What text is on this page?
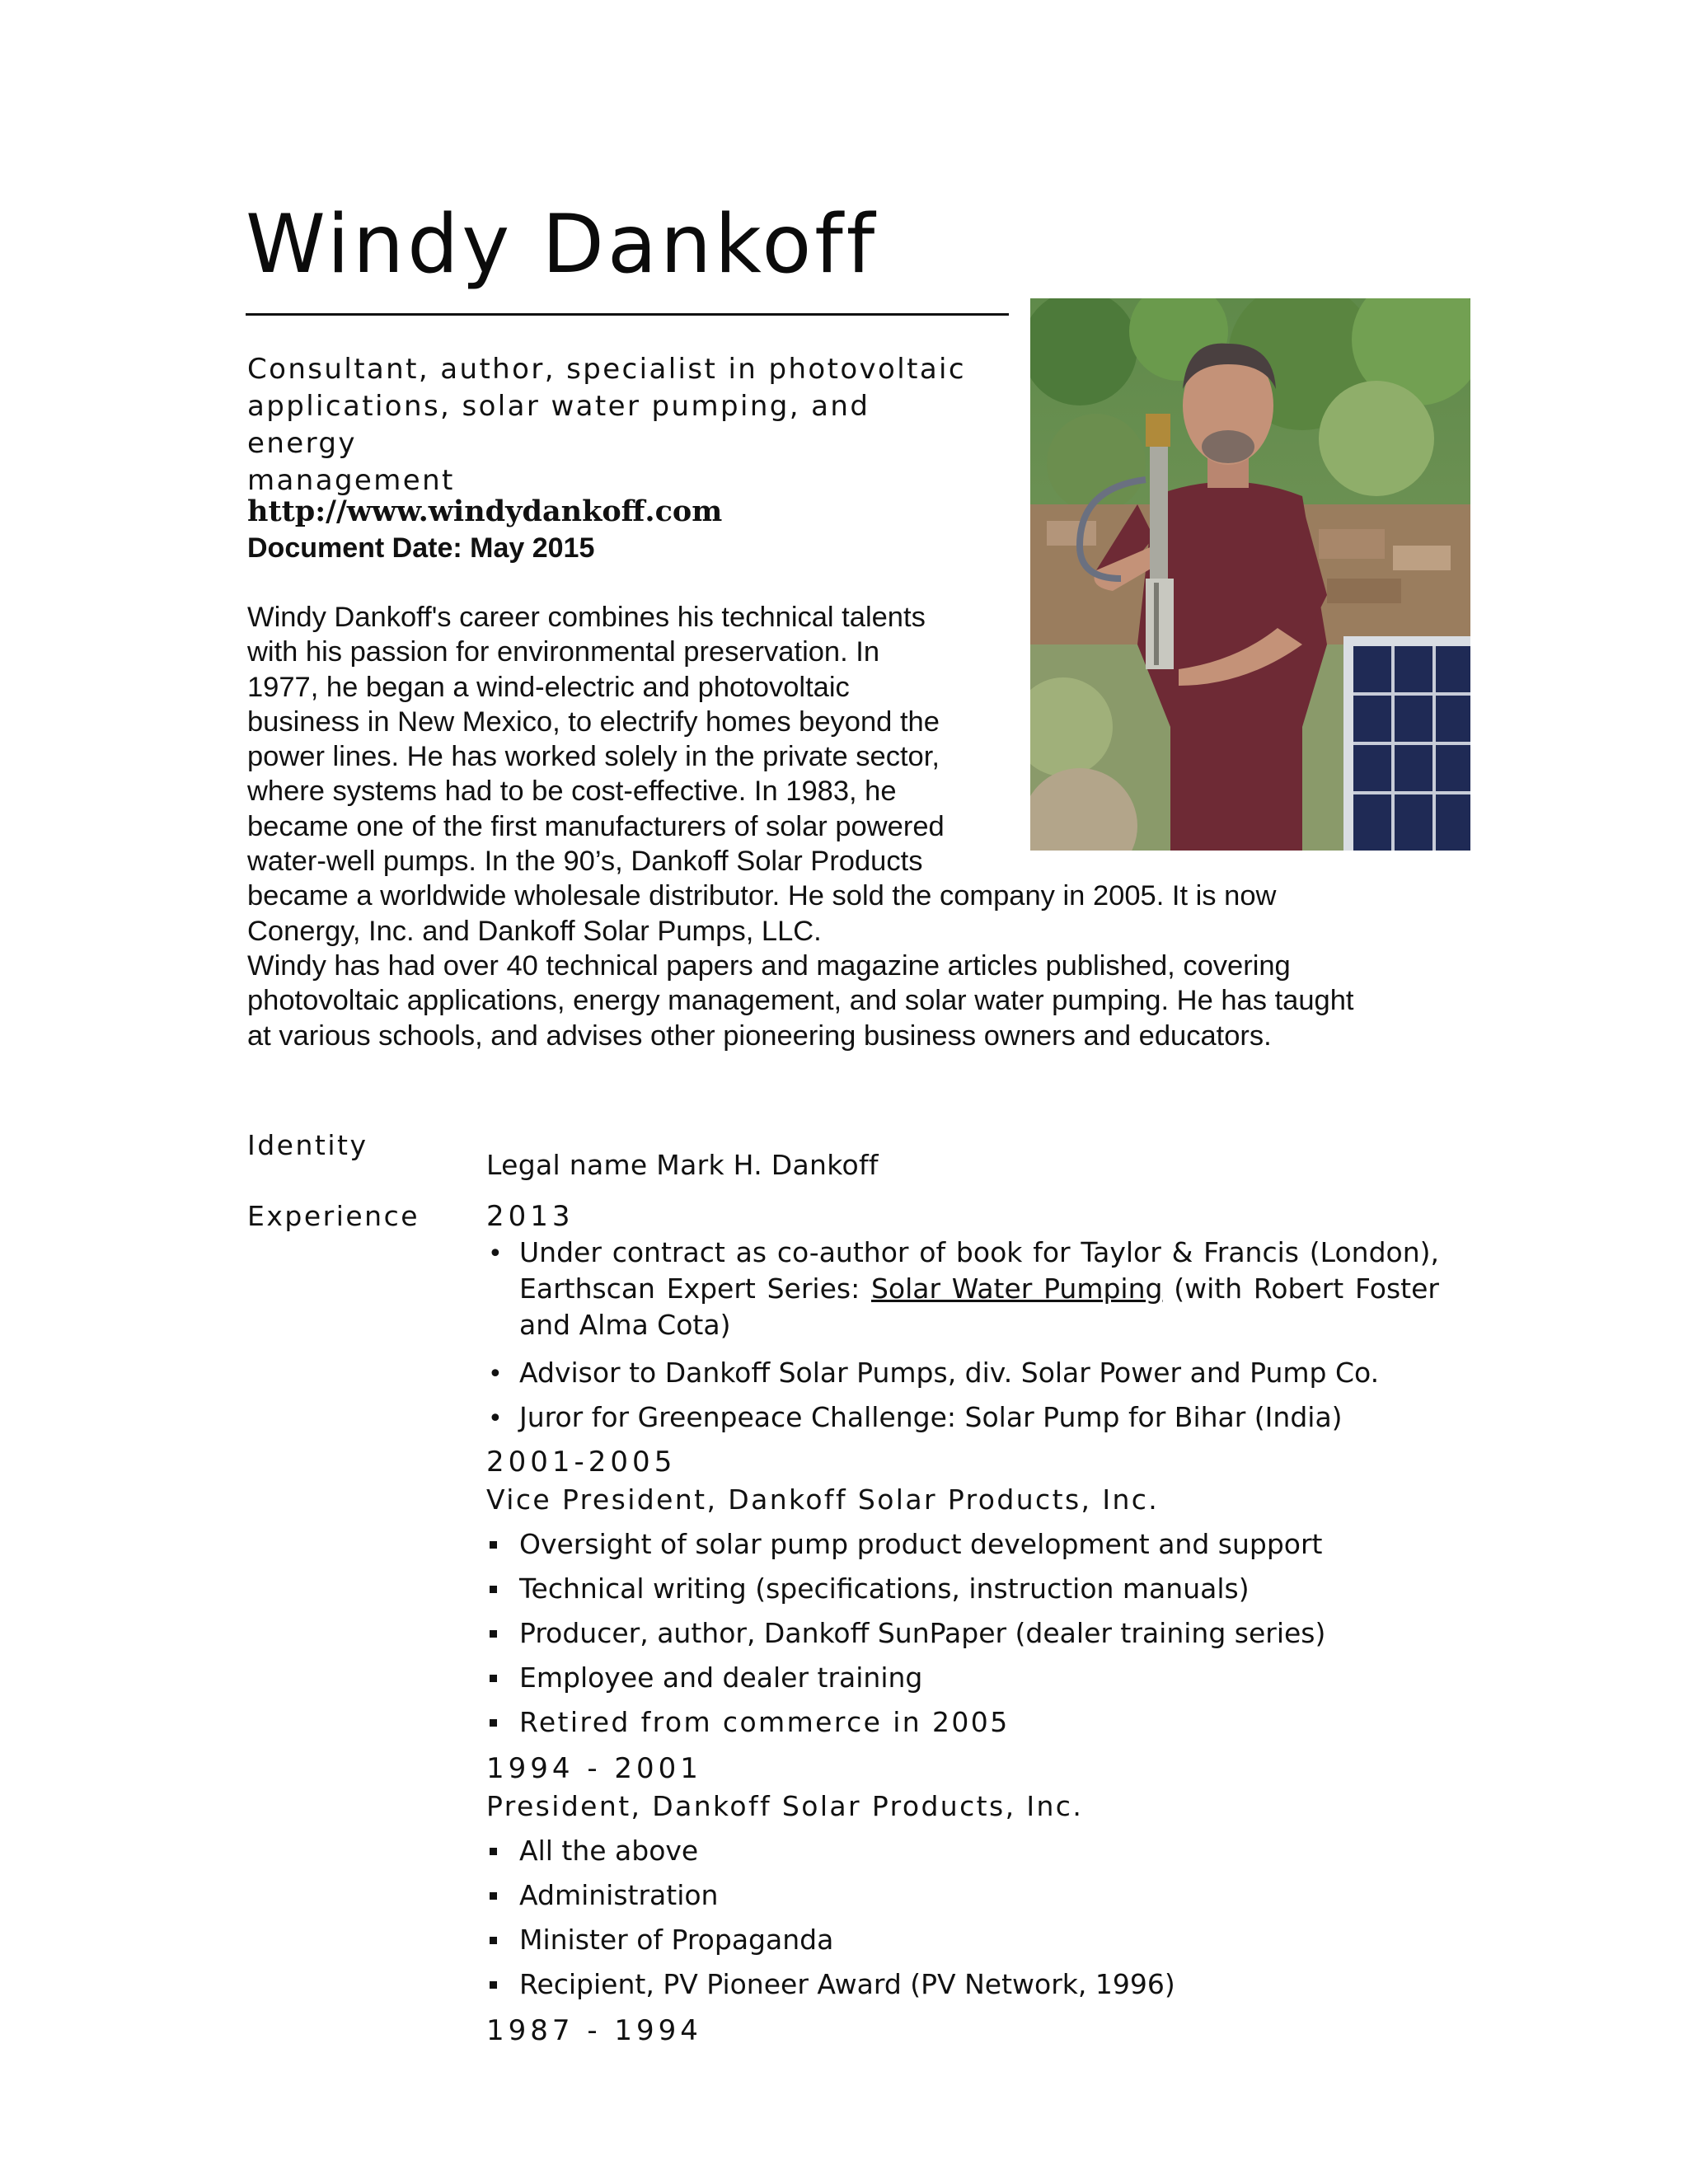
Windy Dankoff
Consultant, author, specialist in photovoltaic
applications, solar water pumping, and energy
management
http://www.windydankoff.com
Document Date: May 2015
Windy Dankoff's career combines his technical talents
with his passion for environmental preservation. In
1977, he began a wind-electric and photovoltaic
business in New Mexico, to electrify homes beyond the
power lines. He has worked solely in the private sector,
where systems had to be cost-effective. In 1983, he
became one of the first manufacturers of solar powered
water-well pumps. In the 90’s, Dankoff Solar Products
became a worldwide wholesale distributor. He sold the company in 2005. It is now
Conergy, Inc. and Dankoff Solar Pumps, LLC.
Windy has had over 40 technical papers and magazine articles published, covering
photovoltaic applications, energy management, and solar water pumping. He has taught
at various schools, and advises other pioneering business owners and educators.
Identity
Legal name Mark H. Dankoff
Experience 2013
• Under contract as co-author of book for Taylor & Francis (London), Earthscan Expert Series: Solar Water Pumping (with Robert Foster and Alma Cota)
• Advisor to Dankoff Solar Pumps, div. Solar Power and Pump Co.
• Juror for Greenpeace Challenge: Solar Pump for Bihar (India)
2001-2005
Vice President, Dankoff Solar Products, Inc.
Oversight of solar pump product development and support
Technical writing (specifications, instruction manuals)
Producer, author, Dankoff SunPaper (dealer training series)
Employee and dealer training
Retired from commerce in 2005
1994 - 2001
President, Dankoff Solar Products, Inc.
All the above
Administration
Minister of Propaganda
Recipient, PV Pioneer Award (PV Network, 1996)
1987 - 1994
